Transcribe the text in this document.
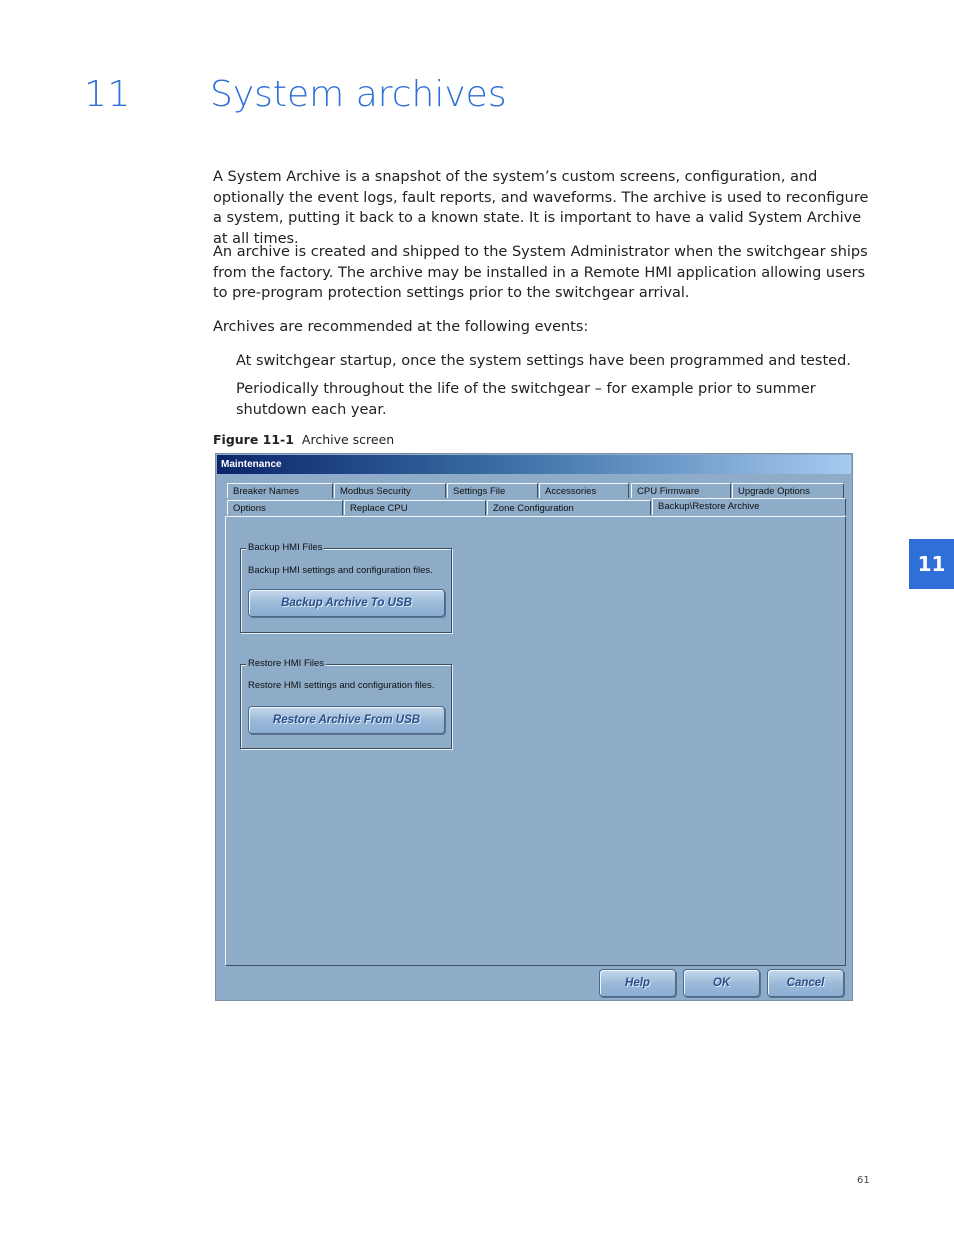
11 System archives
A System Archive is a snapshot of the system’s custom screens, configuration, and optionally the event logs, fault reports, and waveforms. The archive is used to reconfigure a system, putting it back to a known state. It is important to have a valid System Archive at all times.
An archive is created and shipped to the System Administrator when the switchgear ships from the factory. The archive may be installed in a Remote HMI application allowing users to pre-program protection settings prior to the switchgear arrival.
Archives are recommended at the following events:
At switchgear startup, once the system settings have been programmed and tested.
Periodically throughout the life of the switchgear – for example prior to summer shutdown each year.
Figure 11-1 Archive screen
Maintenance
Breaker Names	Modbus Security	Settings File	Accessories	CPU Firmware	Upgrade Options
Options	Replace CPU	Zone Configuration	Backup\Restore Archive
Backup HMI Files
Backup HMI settings and configuration files.
Backup Archive To USB
Restore HMI Files
Restore HMI settings and configuration files.
Restore Archive From USB
Help	OK	Cancel
11
61
